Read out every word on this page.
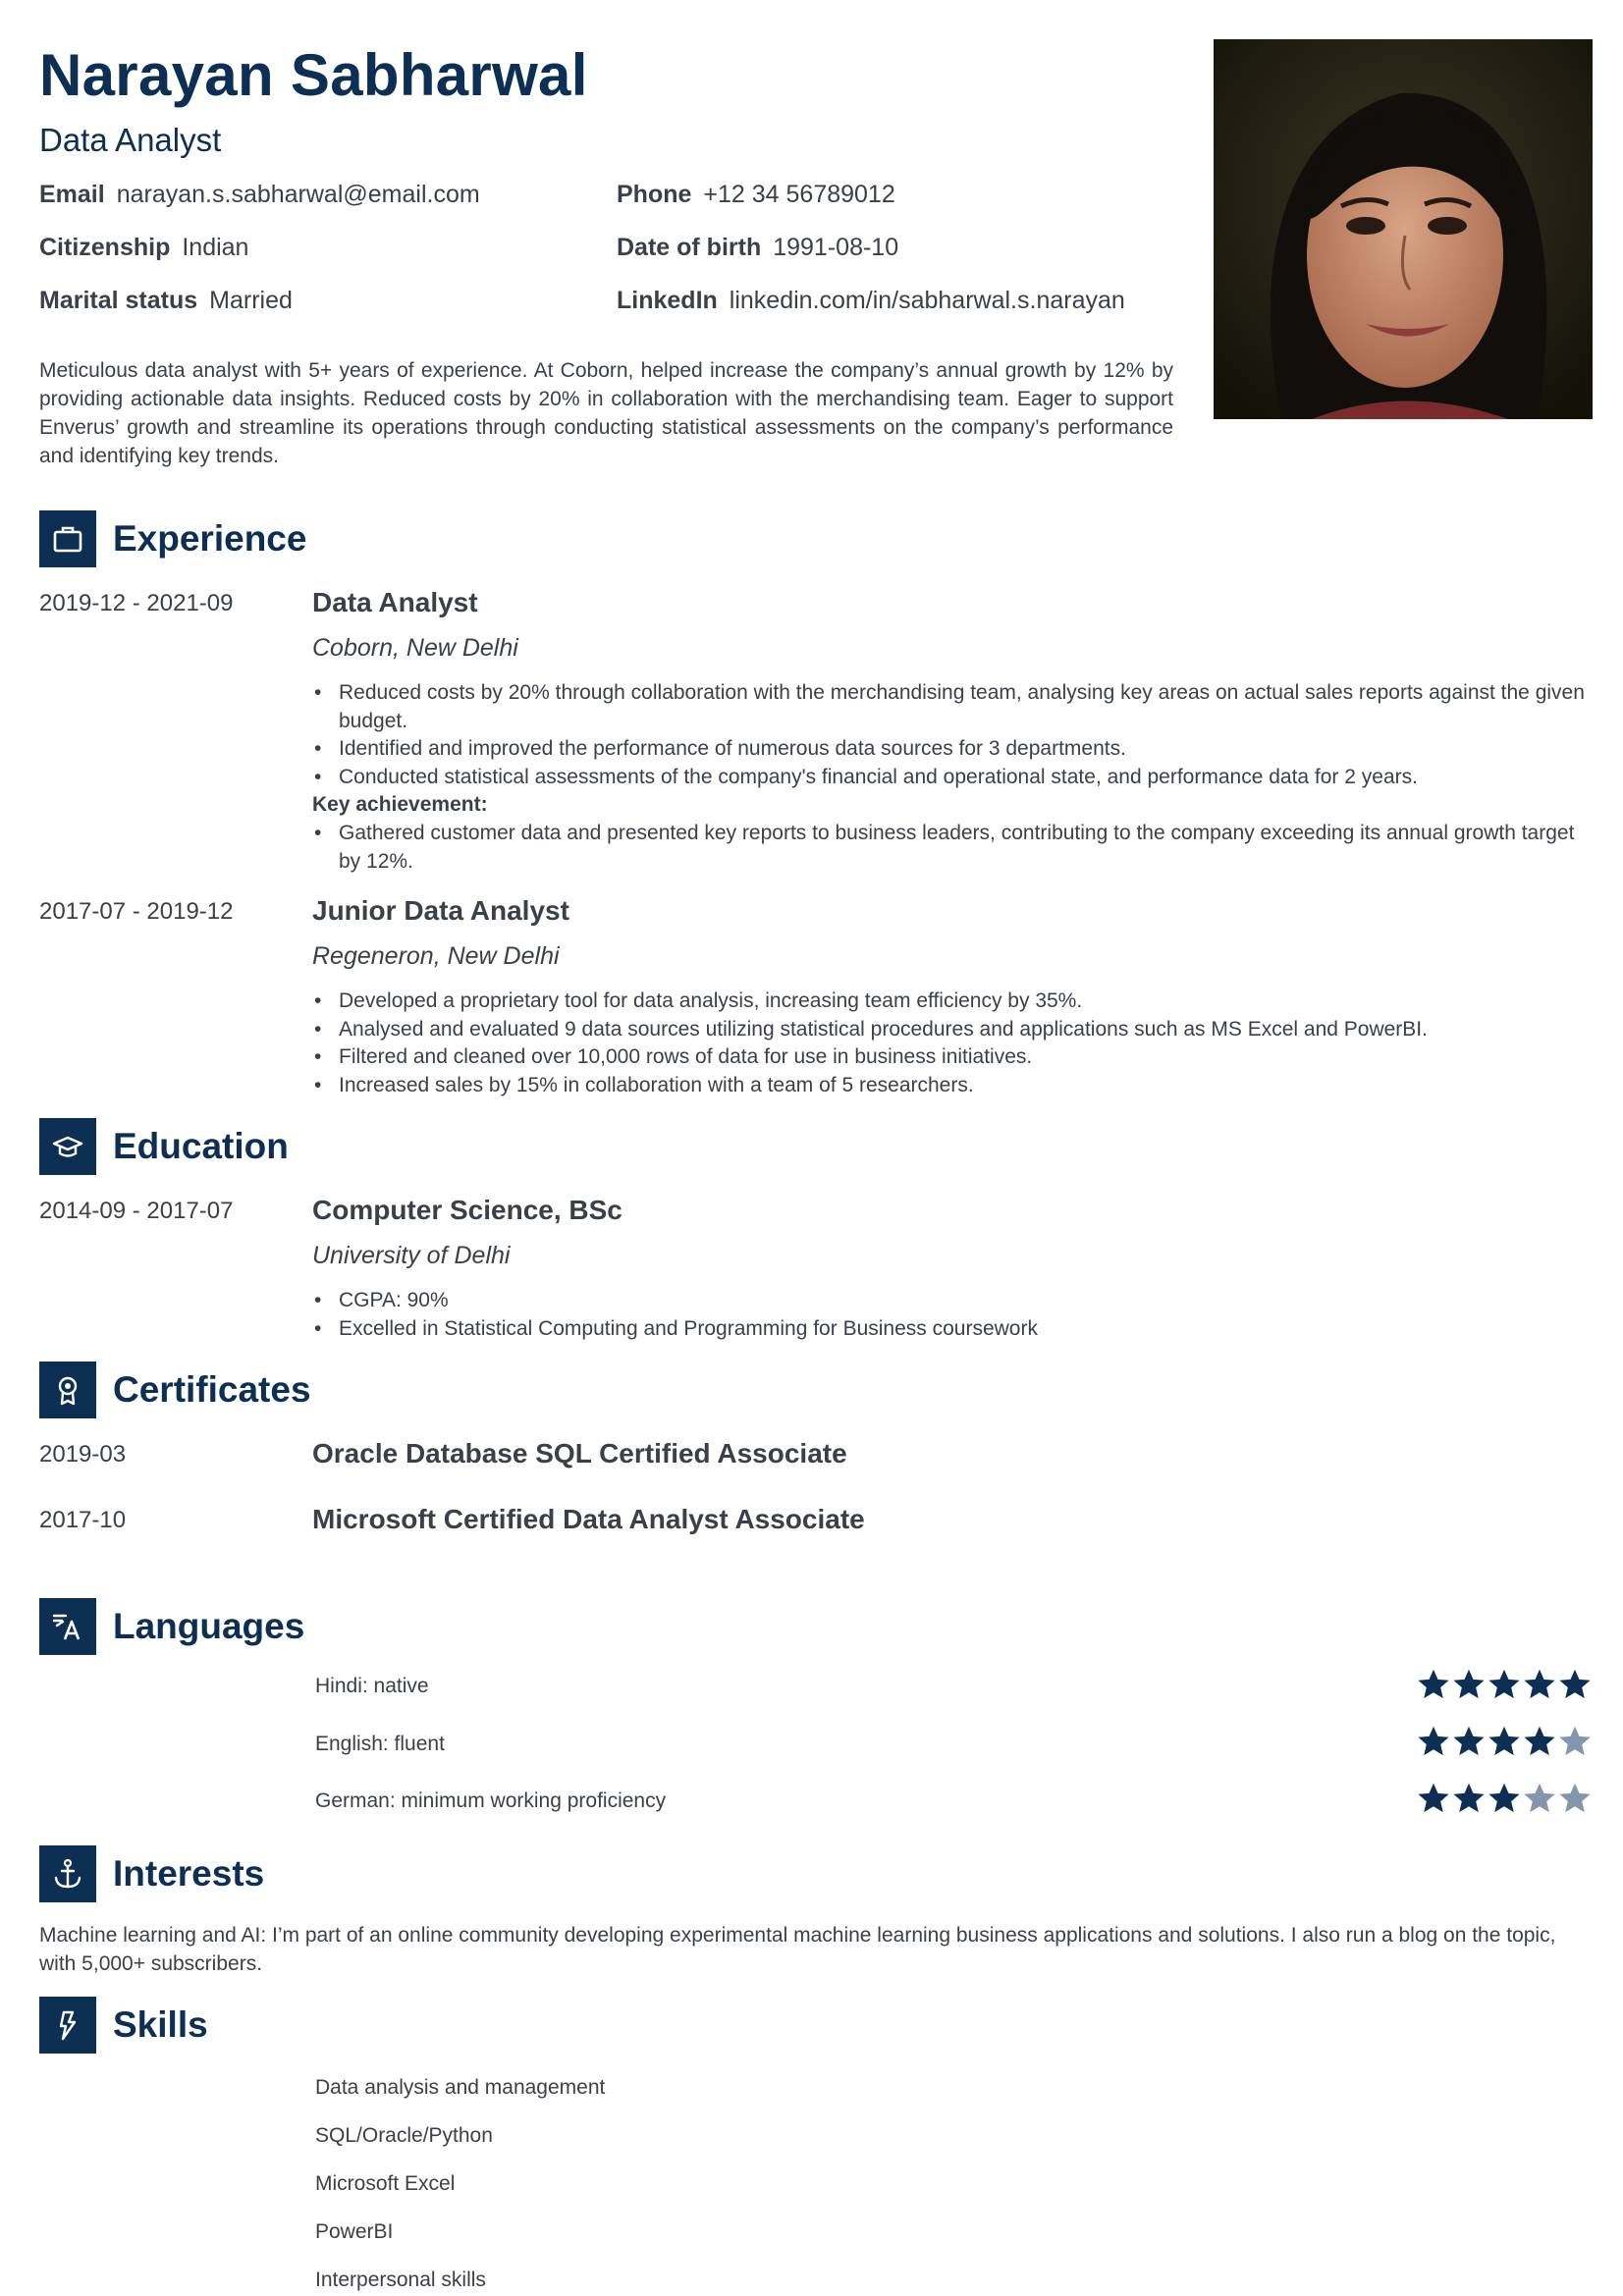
Narayan Sabharwal
Data Analyst
Email narayan.s.sabharwal@email.com	Phone +12 34 56789012
Citizenship Indian	Date of birth 1991-08-10
Marital status Married	LinkedIn linkedin.com/in/sabharwal.s.narayan
Meticulous data analyst with 5+ years of experience. At Coborn, helped increase the company’s annual growth by 12% by providing actionable data insights. Reduced costs by 20% in collaboration with the merchandising team. Eager to support Enverus’ growth and streamline its operations through conducting statistical assessments on the company’s performance and identifying key trends.
Experience
2019-12 - 2021-09	Data Analyst
Coborn, New Delhi
• Reduced costs by 20% through collaboration with the merchandising team, analysing key areas on actual sales reports against the given budget.
• Identified and improved the performance of numerous data sources for 3 departments.
• Conducted statistical assessments of the company's financial and operational state, and performance data for 2 years.
Key achievement:
• Gathered customer data and presented key reports to business leaders, contributing to the company exceeding its annual growth target by 12%.
2017-07 - 2019-12	Junior Data Analyst
Regeneron, New Delhi
• Developed a proprietary tool for data analysis, increasing team efficiency by 35%.
• Analysed and evaluated 9 data sources utilizing statistical procedures and applications such as MS Excel and PowerBI.
• Filtered and cleaned over 10,000 rows of data for use in business initiatives.
• Increased sales by 15% in collaboration with a team of 5 researchers.
Education
2014-09 - 2017-07	Computer Science, BSc
University of Delhi
• CGPA: 90%
• Excelled in Statistical Computing and Programming for Business coursework
Certificates
2019-03	Oracle Database SQL Certified Associate
2017-10	Microsoft Certified Data Analyst Associate
Languages
Hindi: native
English: fluent
German: minimum working proficiency
Interests
Machine learning and AI: I’m part of an online community developing experimental machine learning business applications and solutions. I also run a blog on the topic, with 5,000+ subscribers.
Skills
Data analysis and management
SQL/Oracle/Python
Microsoft Excel
PowerBI
Interpersonal skills
